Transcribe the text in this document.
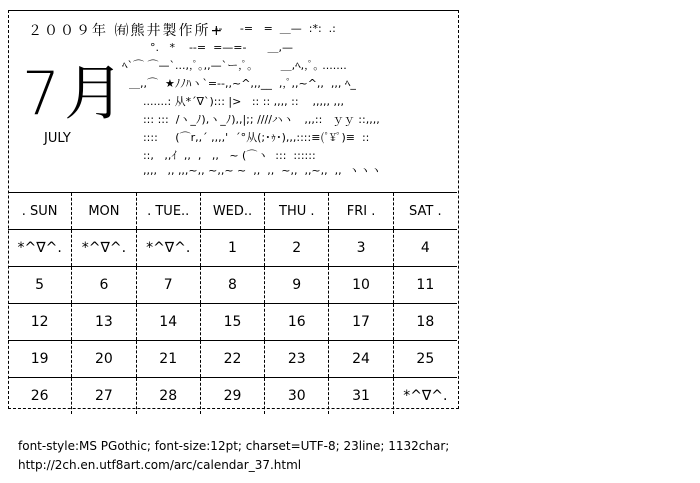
２００９年 ㈲熊井製作所+
7月
JULY
--     -=   =  ＿—  :*:  .:
°.   *    --=  =—=-      ＿,—
ﾍ`⌒ ⌒—`...,,ﾟ｡,,—`ー,ﾟ｡        ＿,ﾍ,,ﾟ｡ .......
＿,,⌒  ★ﾉﾉﾊヽ`=--,,~^,,,__  ,,ﾟ,,~^,,  ,,, ﾍ_
.......: 从*´∇`)::: |>   :: :: ,,,, ::    ,,,,, ,,,
::: :::  /ヽ_ﾉ),ヽ_ﾉ),,|;; ////ハヽ   ,,,::   ｙｙ ::,,,,
::::     (⌒r,,´ ,,,,'  ´°从(;･ｩ･),,,::::≡(ﾟ¥ﾟ)≡  ::
::,   ,,ｲ  ,,  ,   ,,   ~ (⌒ヽ  :::  ::::::
,,,,   ,, ,,,~,, ~,,~ ~  ,,  ,,  ~,,  ,,~,,  ,,  ヽヽヽ
. SUN	MON	. TUE..	WED..	THU .	FRI .	SAT .
*^∇^.	*^∇^.	*^∇^.	1	2	3	4
5	6	7	8	9	10	11
12	13	14	15	16	17	18
19	20	21	22	23	24	25
26	27	28	29	30	31	*^∇^.
font-style:MS PGothic; font-size:12pt; charset=UTF-8; 23line; 1132char;
http://2ch.en.utf8art.com/arc/calendar_37.html
